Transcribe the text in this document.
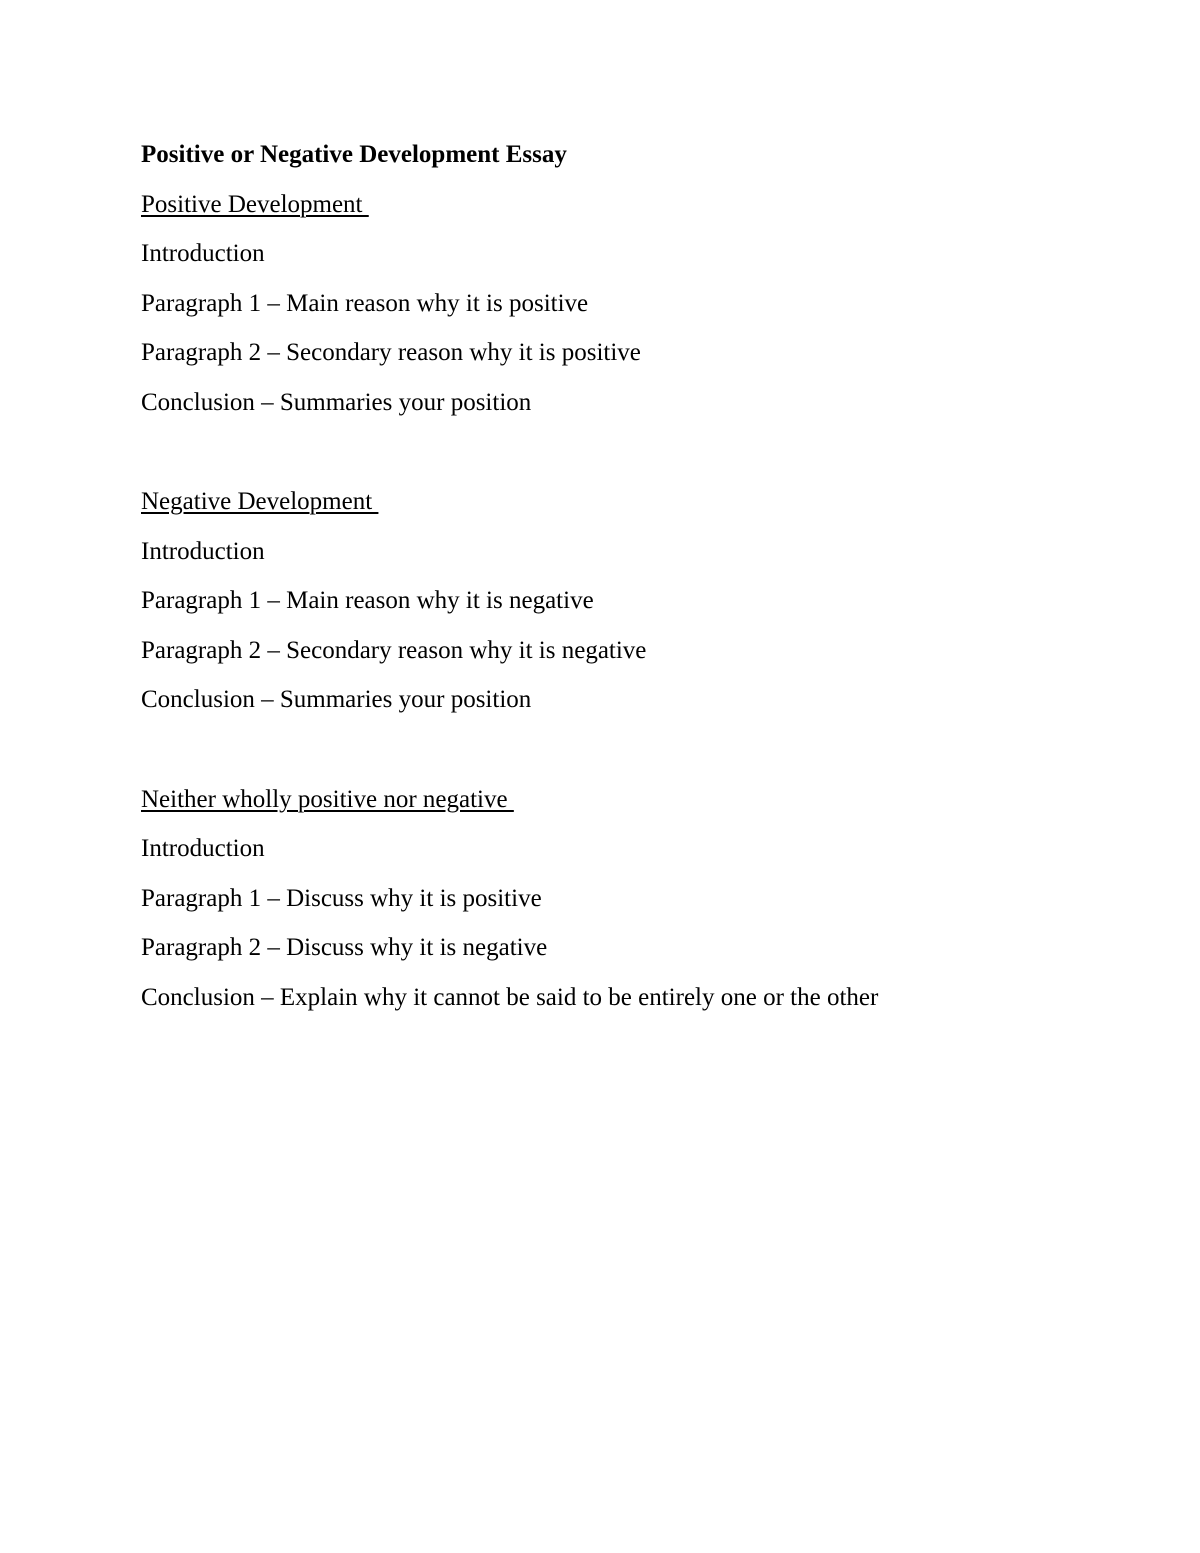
Positive or Negative Development Essay
Positive Development
Introduction
Paragraph 1 – Main reason why it is positive
Paragraph 2 – Secondary reason why it is positive
Conclusion – Summaries your position
Negative Development
Introduction
Paragraph 1 – Main reason why it is negative
Paragraph 2 – Secondary reason why it is negative
Conclusion – Summaries your position
Neither wholly positive nor negative
Introduction
Paragraph 1 – Discuss why it is positive
Paragraph 2 – Discuss why it is negative
Conclusion – Explain why it cannot be said to be entirely one or the other
